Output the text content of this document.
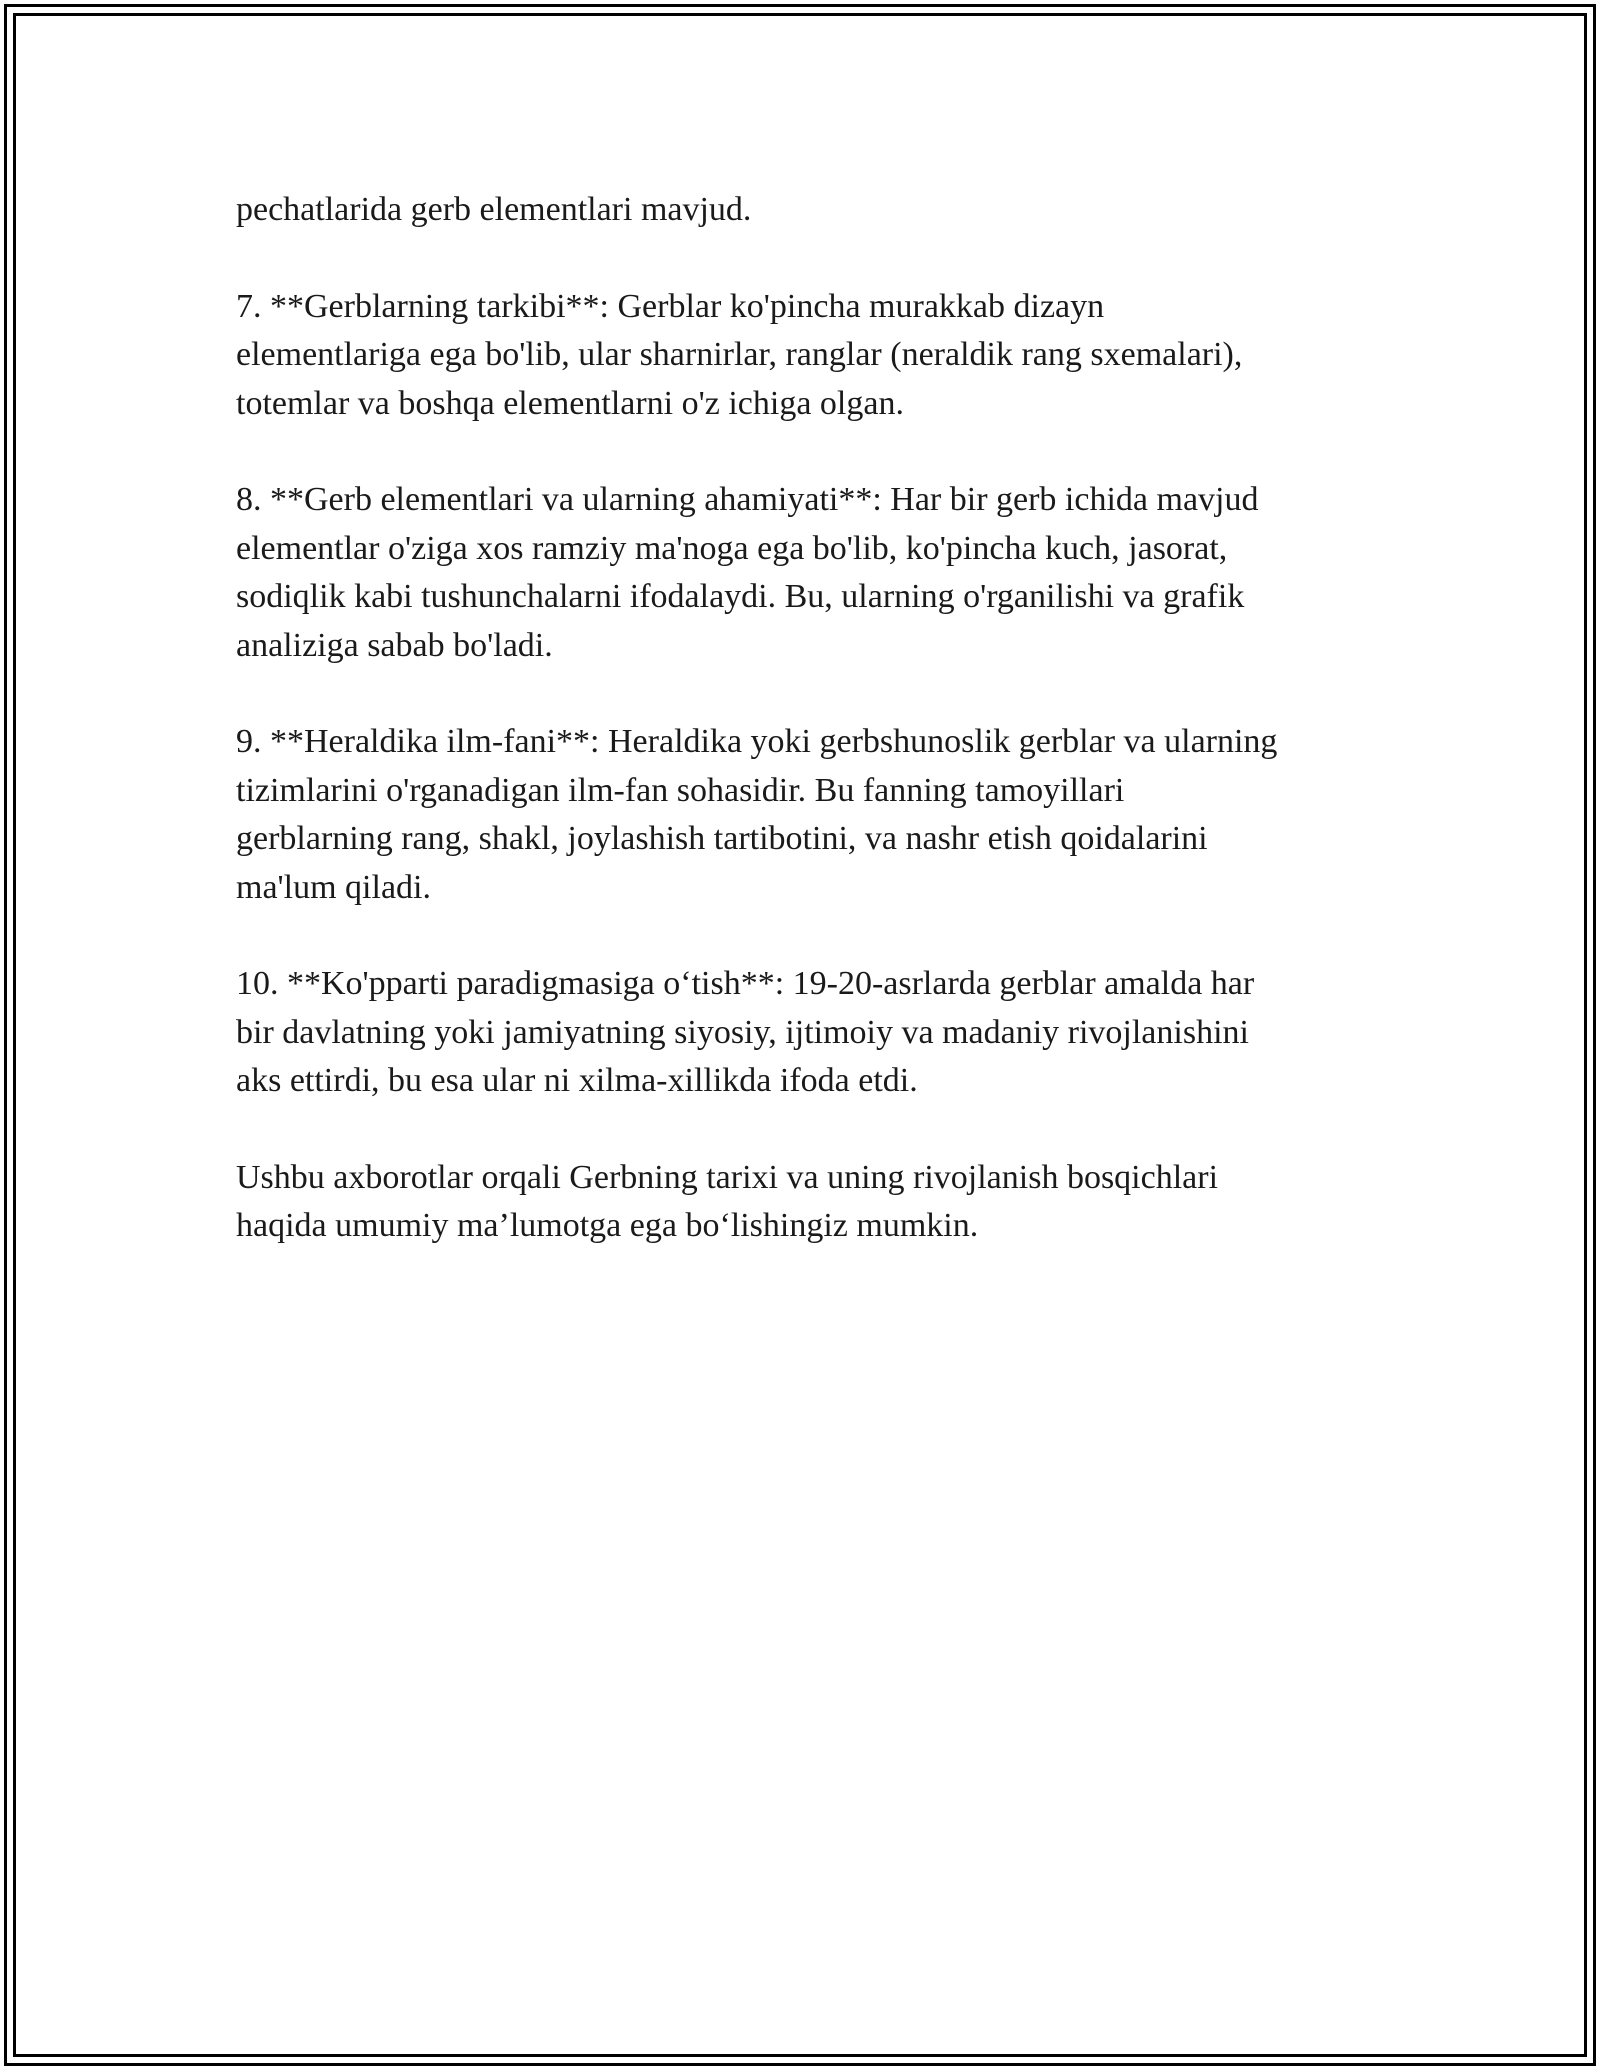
pechatlarida gerb elementlari mavjud.

7. **Gerblarning tarkibi**: Gerblar ko'pincha murakkab dizayn
elementlariga ega bo'lib, ular sharnirlar, ranglar (neraldik rang sxemalari),
totemlar va boshqa elementlarni o'z ichiga olgan.

8. **Gerb elementlari va ularning ahamiyati**: Har bir gerb ichida mavjud
elementlar o'ziga xos ramziy ma'noga ega bo'lib, ko'pincha kuch, jasorat,
sodiqlik kabi tushunchalarni ifodalaydi. Bu, ularning o'rganilishi va grafik
analiziga sabab bo'ladi.

9. **Heraldika ilm-fani**: Heraldika yoki gerbshunoslik gerblar va ularning
tizimlarini o'rganadigan ilm-fan sohasidir. Bu fanning tamoyillari
gerblarning rang, shakl, joylashish tartibotini, va nashr etish qoidalarini
ma'lum qiladi.

10. **Ko'pparti paradigmasiga o‘tish**: 19-20-asrlarda gerblar amalda har
bir davlatning yoki jamiyatning siyosiy, ijtimoiy va madaniy rivojlanishini
aks ettirdi, bu esa ular ni xilma-xillikda ifoda etdi.

Ushbu axborotlar orqali Gerbning tarixi va uning rivojlanish bosqichlari
haqida umumiy ma’lumotga ega bo‘lishingiz mumkin.
